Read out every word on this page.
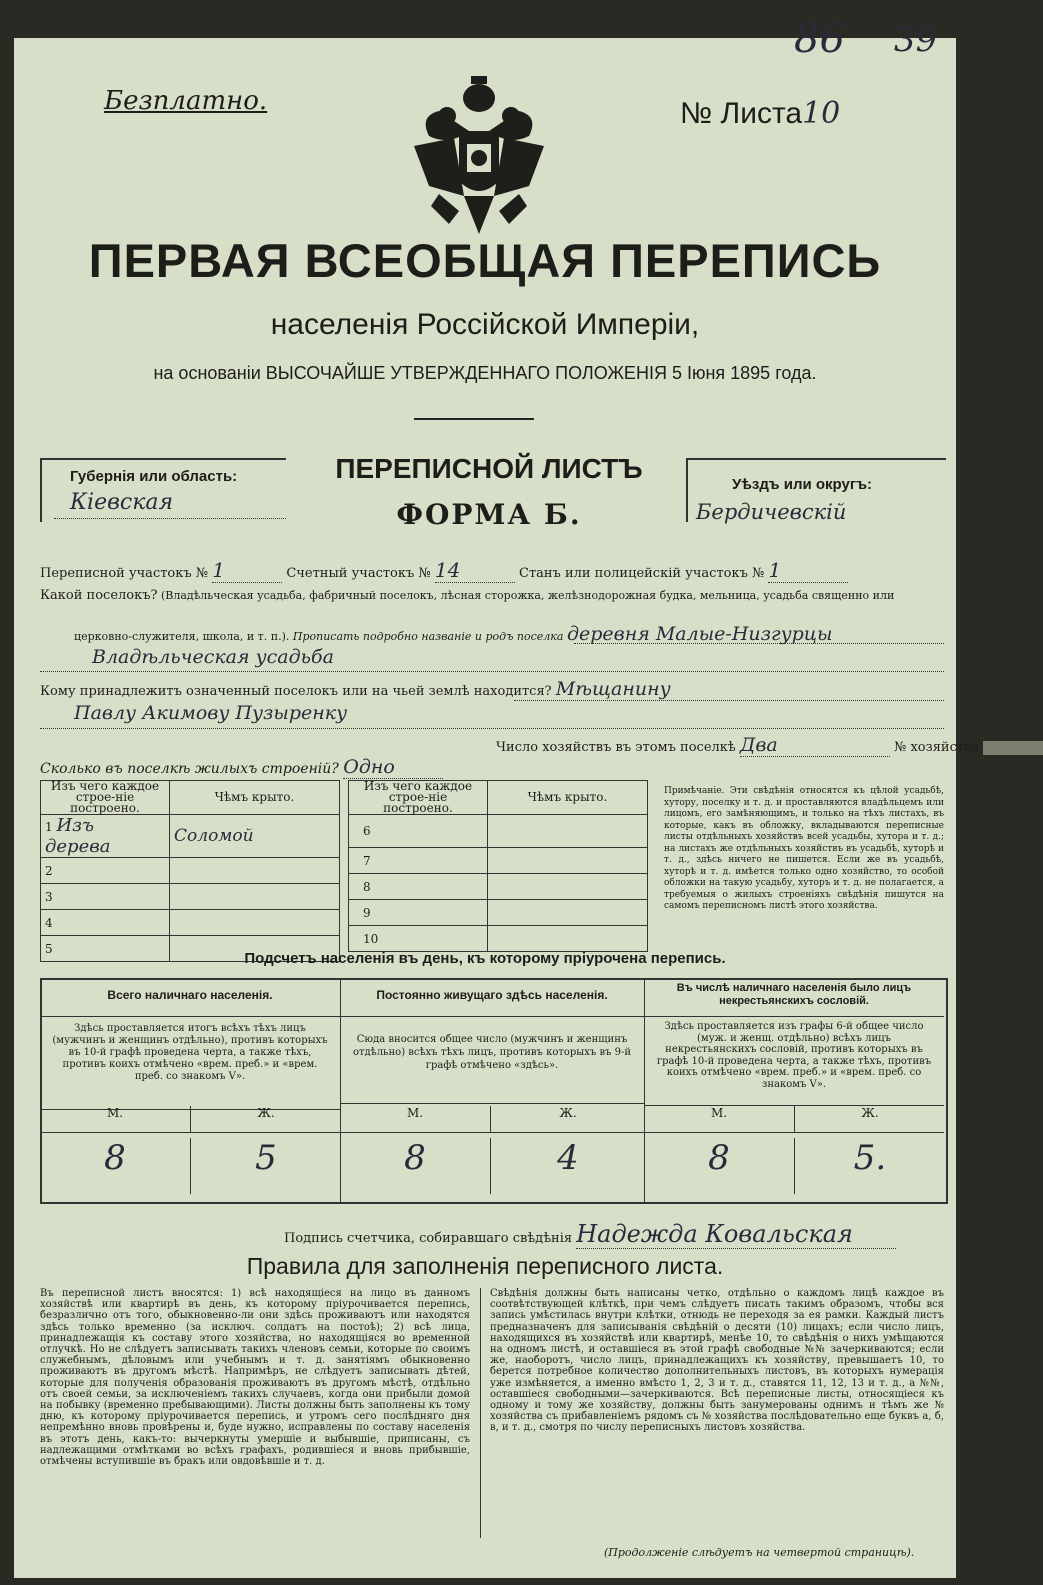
86 39
Безплатно.	№ Листа10
ПЕРВАЯ ВСЕОБЩАЯ ПЕРЕПИСЬ
населенія Россійской Имперіи,
на основаніи ВЫСОЧАЙШЕ УТВЕРЖДЕННАГО ПОЛОЖЕНІЯ 5 Іюня 1895 года.
Губернія или область:
Кіевская
ПЕРЕПИСНОЙ ЛИСТЪ
ФОРМА Б.
Уѣздъ или округъ:
Бердичевскій
Переписной участокъ № 1	Счетный участокъ № 14	Станъ или полицейскій участокъ № 1
Какой поселокъ? (Владѣльческая усадьба, фабричный поселокъ, лѣсная сторожка, желѣзнодорожная будка, мельница, усадьба священно или
церковно-служителя, школа, и т. п.). Прописать подробно названіе и родъ поселка деревня Малые-Низгурцы
Владѣльческая усадьба
Кому принадлежитъ означенный поселокъ или на чьей землѣ находится? Мѣщанину
Павлу Акимову Пузыренку
Число хозяйствъ въ этомъ поселкѣ Два	№ хозяйства
Сколько въ поселкѣ жилыхъ строеній? Одно
Изъ чего каждое строе-ніе построено.	Чѣмъ крыто.
1 Изъ дерева	Соломой
2	
3	
4	
5	
Изъ чего каждое строе-ніе построено.	Чѣмъ крыто.
6	
7	
8	
9	
10	
Примѣчаніе. Эти свѣдѣнія относятся къ цѣлой усадьбѣ, хутору, поселку и т. д. и проставляются владѣльцемъ или лицомъ, его замѣняющимъ, и только на тѣхъ листахъ, въ которые, какъ въ обложку, вкладываются переписные листы отдѣльныхъ хозяйствъ всей усадьбы, хутора и т. д.; на листахъ же отдѣльныхъ хозяйствъ въ усадьбѣ, хуторѣ и т. д., здѣсь ничего не пишется. Если же въ усадьбѣ, хуторѣ и т. д. имѣется только одно хозяйство, то особой обложки на такую усадьбу, хуторъ и т. д. не полагается, а требуемыя о жилыхъ строеніяхъ свѣдѣнія пишутся на самомъ переписномъ листѣ этого хозяйства.
Подсчетъ населенія въ день, къ которому пріурочена перепись.
Всего наличнаго населенія.
Здѣсь проставляется итогъ всѣхъ тѣхъ лицъ (мужчинъ и женщинъ отдѣльно), противъ которыхъ въ 10-й графѣ проведена черта, а также тѣхъ, противъ коихъ отмѣчено «врем. преб.» и «врем. преб. со знакомъ V».
М.	Ж.
8	5
Постоянно живущаго здѣсь населенія.
Сюда вносится общее число (мужчинъ и женщинъ отдѣльно) всѣхъ тѣхъ лицъ, противъ которыхъ въ 9-й графѣ отмѣчено «здѣсь».
М.	Ж.
8	4
Въ числѣ наличнаго населенія было лицъ некрестьянскихъ сословій.
Здѣсь проставляется изъ графы 6-й общее число (муж. и женщ. отдѣльно) всѣхъ лицъ некрестьянскихъ сословій, противъ которыхъ въ графѣ 10-й проведена черта, а также тѣхъ, противъ коихъ отмѣчено «врем. преб.» и «врем. преб. со знакомъ V».
М.	Ж.
8	5.
Подпись счетчика, собиравшаго свѣдѣнія Надежда Ковальская
Правила для заполненія переписного листа.
Въ переписной листъ вносятся: 1) всѣ находящіеся на лицо въ данномъ хозяйствѣ или квартирѣ въ день, къ которому пріурочивается перепись, безразлично отъ того, обыкновенно-ли они здѣсь проживаютъ или находятся здѣсь только временно (за исключ. солдатъ на постоѣ); 2) всѣ лица, принадлежащія къ составу этого хозяйства, но находящіяся во временной отлучкѣ. Но не слѣдуетъ записывать такихъ членовъ семьи, которые по своимъ служебнымъ, дѣловымъ или учебнымъ и т. д. занятіямъ обыкновенно проживаютъ въ другомъ мѣстѣ. Напримѣръ, не слѣдуетъ записывать дѣтей, которые для полученія образованія проживаютъ въ другомъ мѣстѣ, отдѣльно отъ своей семьи, за исключеніемъ такихъ случаевъ, когда они прибыли домой на побывку (временно пребывающими). Листы должны быть заполнены къ тому дню, къ которому пріурочивается перепись, и утромъ сего послѣдняго дня непремѣнно вновь провѣрены и, буде нужно, исправлены по составу населенія въ этотъ день, какъ-то: вычеркнуты умершіе и выбывшіе, приписаны, съ надлежащими отмѣтками во всѣхъ графахъ, родившіеся и вновь прибывшіе, отмѣчены вступившіе въ бракъ или овдовѣвшіе и т. д.
Свѣдѣнія должны быть написаны четко, отдѣльно о каждомъ лицѣ каждое въ соотвѣтствующей клѣткѣ, при чемъ слѣдуетъ писать такимъ образомъ, чтобы вся запись умѣстилась внутри клѣтки, отнюдь не переходя за ея рамки. Каждый листъ предназначенъ для записыванія свѣдѣній о десяти (10) лицахъ; если число лицъ, находящихся въ хозяйствѣ или квартирѣ, менѣе 10, то свѣдѣнія о нихъ умѣщаются на одномъ листѣ, и оставшіеся въ этой графѣ свободные №№ зачеркиваются; если же, наоборотъ, число лицъ, принадлежащихъ къ хозяйству, превышаетъ 10, то берется потребное количество дополнительныхъ листовъ, въ которыхъ нумерація уже измѣняется, а именно вмѣсто 1, 2, 3 и т. д., ставятся 11, 12, 13 и т. д., а №№, оставшіеся свободными—зачеркиваются. Всѣ переписные листы, относящіеся къ одному и тому же хозяйству, должны быть занумерованы однимъ и тѣмъ же № хозяйства съ прибавленіемъ рядомъ съ № хозяйства послѣдовательно еще буквъ а, б, в, и т. д., смотря по числу переписныхъ листовъ хозяйства.
(Продолженіе слѣдуетъ на четвертой страницѣ).
